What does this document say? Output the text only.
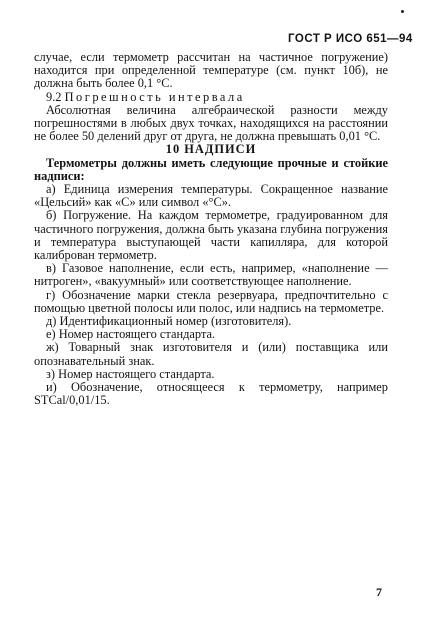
ГОСТ Р ИСО 651—94

случае, если термометр рассчитан на частичное погружение) находится при определенной температуре (см. пункт 10б), не должна быть более 0,1 °С.

9.2 Погрешность интервала

Абсолютная величина алгебраической разности между погрешностями в любых двух точках, находящихся на расстоянии не более 50 делений друг от друга, не должна превышать 0,01 °С.

10 НАДПИСИ

Термометры должны иметь следующие прочные и стойкие надписи:

а) Единица измерения температуры. Сокращенное название «Цельсий» как «С» или символ «°С».

б) Погружение. На каждом термометре, градуированном для частичного погружения, должна быть указана глубина погружения и температура выступающей части капилляра, для которой калиброван термометр.

в) Газовое наполнение, если есть, например, «наполнение — нитроген», «вакуумный» или соответствующее наполнение.

г) Обозначение марки стекла резервуара, предпочтительно с помощью цветной полосы или полос, или надпись на термометре.

д) Идентификационный номер (изготовителя).

е) Номер настоящего стандарта.

ж) Товарный знак изготовителя и (или) поставщика или опознавательный знак.

з) Номер настоящего стандарта.

и) Обозначение, относящееся к термометру, например STCal/0,01/15.

7
